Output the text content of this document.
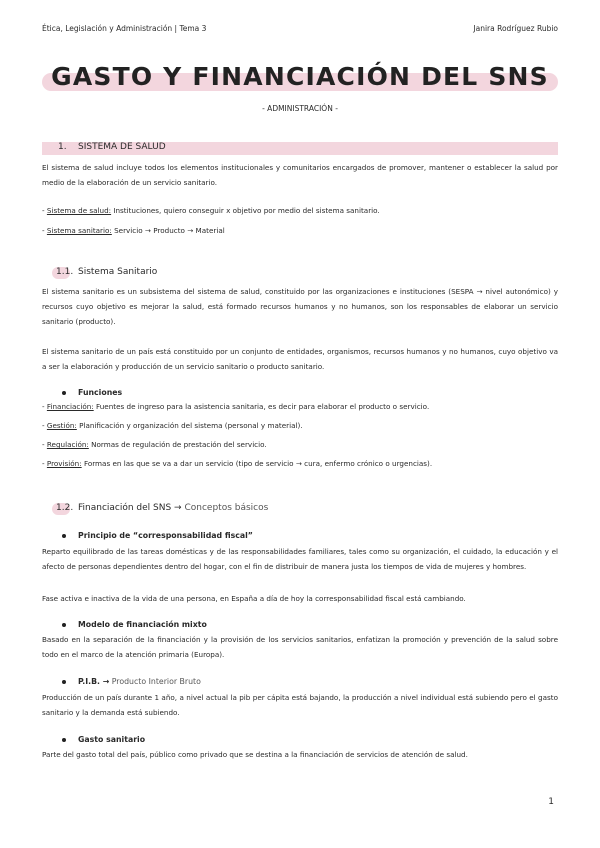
Ética, Legislación y Administración | Tema 3	Janira Rodríguez Rubio
GASTO Y FINANCIACIÓN DEL SNS
- ADMINISTRACIÓN -
1. SISTEMA DE SALUD
El sistema de salud incluye todos los elementos institucionales y comunitarios encargados de promover, mantener o establecer la salud por medio de la elaboración de un servicio sanitario.
- Sistema de salud: Instituciones, quiero conseguir x objetivo por medio del sistema sanitario.
- Sistema sanitario: Servicio → Producto → Material
1.1. Sistema Sanitario
El sistema sanitario es un subsistema del sistema de salud, constituido por las organizaciones e instituciones (SESPA → nivel autonómico) y recursos cuyo objetivo es mejorar la salud, está formado recursos humanos y no humanos, son los responsables de elaborar un servicio sanitario (producto).
El sistema sanitario de un país está constituido por un conjunto de entidades, organismos, recursos humanos y no humanos, cuyo objetivo va a ser la elaboración y producción de un servicio sanitario o producto sanitario.
Funciones
- Financiación: Fuentes de ingreso para la asistencia sanitaria, es decir para elaborar el producto o servicio.
- Gestión: Planificación y organización del sistema (personal y material).
- Regulación: Normas de regulación de prestación del servicio.
- Provisión: Formas en las que se va a dar un servicio (tipo de servicio → cura, enfermo crónico o urgencias).
1.2. Financiación del SNS → Conceptos básicos
Principio de “corresponsabilidad fiscal”
Reparto equilibrado de las tareas domésticas y de las responsabilidades familiares, tales como su organización, el cuidado, la educación y el afecto de personas dependientes dentro del hogar, con el fin de distribuir de manera justa los tiempos de vida de mujeres y hombres.
Fase activa e inactiva de la vida de una persona, en España a día de hoy la corresponsabilidad fiscal está cambiando.
Modelo de financiación mixto
Basado en la separación de la financiación y la provisión de los servicios sanitarios, enfatizan la promoción y prevención de la salud sobre todo en el marco de la atención primaria (Europa).
P.I.B. → Producto Interior Bruto
Producción de un país durante 1 año, a nivel actual la pib per cápita está bajando, la producción a nivel individual está subiendo pero el gasto sanitario y la demanda está subiendo.
Gasto sanitario
Parte del gasto total del país, público como privado que se destina a la financiación de servicios de atención de salud.
1
